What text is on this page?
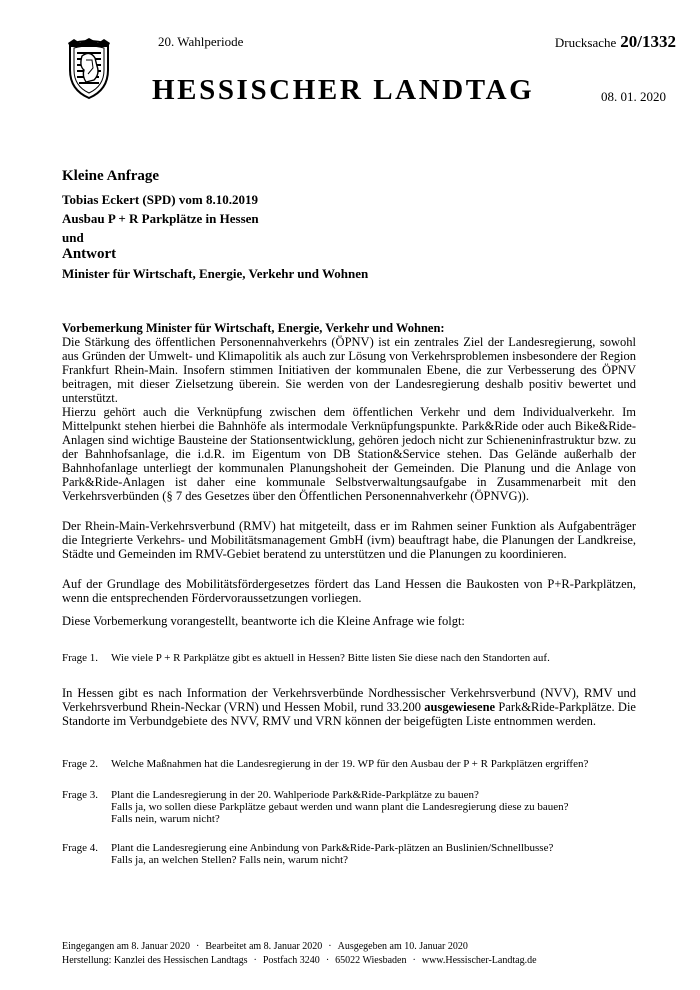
20. Wahlperiode	Drucksache 20/1332
HESSISCHER LANDTAG	08. 01. 2020
Kleine Anfrage
Tobias Eckert (SPD) vom 8.10.2019
Ausbau P + R Parkplätze in Hessen
und
Antwort
Minister für Wirtschaft, Energie, Verkehr und Wohnen
Vorbemerkung Minister für Wirtschaft, Energie, Verkehr und Wohnen:
Die Stärkung des öffentlichen Personennahverkehrs (ÖPNV) ist ein zentrales Ziel der Landesregierung, sowohl aus Gründen der Umwelt- und Klimapolitik als auch zur Lösung von Verkehrsproblemen insbesondere der Region Frankfurt Rhein-Main. Insofern stimmen Initiativen der kommunalen Ebene, die zur Verbesserung des ÖPNV beitragen, mit dieser Zielsetzung überein. Sie werden von der Landesregierung deshalb positiv bewertet und unterstützt.
Hierzu gehört auch die Verknüpfung zwischen dem öffentlichen Verkehr und dem Individualverkehr. Im Mittelpunkt stehen hierbei die Bahnhöfe als intermodale Verknüpfungspunkte. Park&Ride oder auch Bike&Ride-Anlagen sind wichtige Bausteine der Stationsentwicklung, gehören jedoch nicht zur Schieneninfrastruktur bzw. zu der Bahnhofsanlage, die i.d.R. im Eigentum von DB Station&Service stehen. Das Gelände außerhalb der Bahnhofanlage unterliegt der kommunalen Planungshoheit der Gemeinden. Die Planung und die Anlage von Park&Ride-Anlagen ist daher eine kommunale Selbstverwaltungsaufgabe in Zusammenarbeit mit den Verkehrsverbünden (§ 7 des Gesetzes über den Öffentlichen Personennahverkehr (ÖPNVG)).
Der Rhein-Main-Verkehrsverbund (RMV) hat mitgeteilt, dass er im Rahmen seiner Funktion als Aufgabenträger die Integrierte Verkehrs- und Mobilitätsmanagement GmbH (ivm) beauftragt habe, die Planungen der Landkreise, Städte und Gemeinden im RMV-Gebiet beratend zu unterstützen und die Planungen zu koordinieren.
Auf der Grundlage des Mobilitätsfördergesetzes fördert das Land Hessen die Baukosten von P+R-Parkplätzen, wenn die entsprechenden Fördervoraussetzungen vorliegen.
Diese Vorbemerkung vorangestellt, beantworte ich die Kleine Anfrage wie folgt:
Frage 1.	Wie viele P + R Parkplätze gibt es aktuell in Hessen? Bitte listen Sie diese nach den Standorten auf.
In Hessen gibt es nach Information der Verkehrsverbünde Nordhessischer Verkehrsverbund (NVV), RMV und Verkehrsverbund Rhein-Neckar (VRN) und Hessen Mobil, rund 33.200 ausgewiesene Park&Ride-Parkplätze. Die Standorte im Verbundgebiete des NVV, RMV und VRN können der beigefügten Liste entnommen werden.
Frage 2.	Welche Maßnahmen hat die Landesregierung in der 19. WP für den Ausbau der P + R Parkplätzen ergriffen?
Frage 3.	Plant die Landesregierung in der 20. Wahlperiode Park&Ride-Parkplätze zu bauen?
Falls ja, wo sollen diese Parkplätze gebaut werden und wann plant die Landesregierung diese zu bauen?
Falls nein, warum nicht?
Frage 4.	Plant die Landesregierung eine Anbindung von Park&Ride-Park-plätzen an Buslinien/Schnellbusse?
Falls ja, an welchen Stellen? Falls nein, warum nicht?
Eingegangen am 8. Januar 2020 · Bearbeitet am 8. Januar 2020 · Ausgegeben am 10. Januar 2020
Herstellung: Kanzlei des Hessischen Landtags · Postfach 3240 · 65022 Wiesbaden · www.Hessischer-Landtag.de
